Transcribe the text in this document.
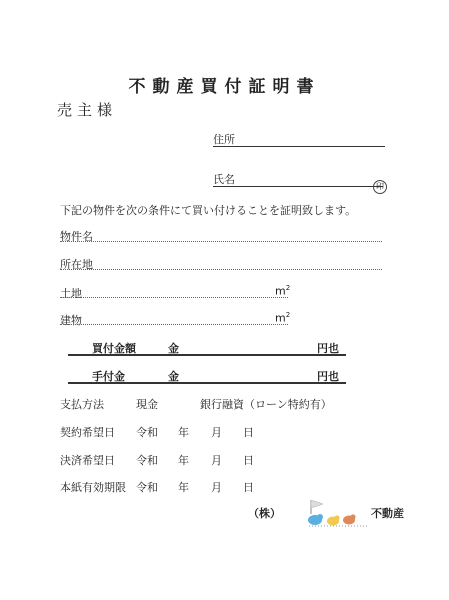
不動産買付証明書
売主様
住所
氏名
印
下記の物件を次の条件にて買い付けることを証明致します。
物件名
所在地
土地	$m^2$
建物	$m^2$
買付金額	金	円也
手付金	金	円也
支払方法	現金	銀行融資（ローン特約有）
契約希望日 令和 年 月 日
決済希望日 令和 年 月 日
本紙有効期限 令和 年 月 日
（株）	不動産
